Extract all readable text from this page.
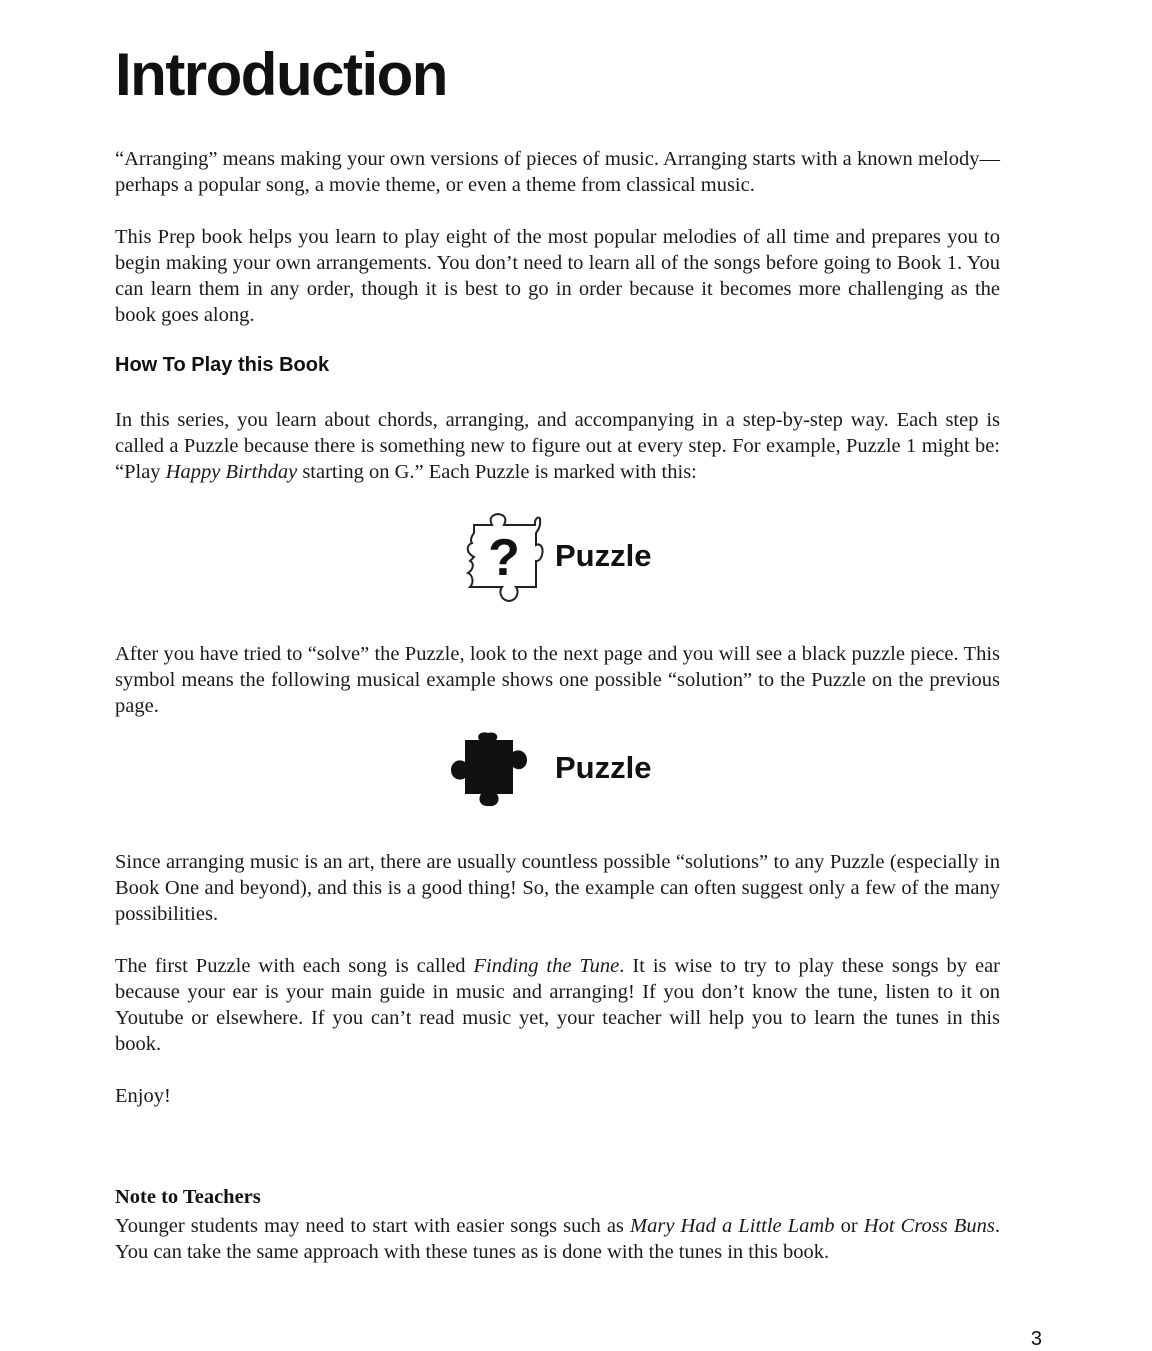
Introduction

“Arranging” means making your own versions of pieces of music. Arranging starts with a known melody—perhaps a popular song, a movie theme, or even a theme from classical music.

This Prep book helps you learn to play eight of the most popular melodies of all time and prepares you to begin making your own arrangements. You don’t need to learn all of the songs before going to Book 1. You can learn them in any order, though it is best to go in order because it becomes more challenging as the book goes along.

How To Play this Book

In this series, you learn about chords, arranging, and accompanying in a step-by-step way. Each step is called a Puzzle because there is something new to figure out at every step. For example, Puzzle 1 might be: “Play Happy Birthday starting on G.” Each Puzzle is marked with this:

? Puzzle

After you have tried to “solve” the Puzzle, look to the next page and you will see a black puzzle piece. This symbol means the following musical example shows one possible “solution” to the Puzzle on the previous page.

Puzzle

Since arranging music is an art, there are usually countless possible “solutions” to any Puzzle (especially in Book One and beyond), and this is a good thing! So, the example can often suggest only a few of the many possibilities.

The first Puzzle with each song is called Finding the Tune. It is wise to try to play these songs by ear because your ear is your main guide in music and arranging! If you don’t know the tune, listen to it on Youtube or elsewhere. If you can’t read music yet, your teacher will help you to learn the tunes in this book.

Enjoy!

Note to Teachers

Younger students may need to start with easier songs such as Mary Had a Little Lamb or Hot Cross Buns. You can take the same approach with these tunes as is done with the tunes in this book.

3
